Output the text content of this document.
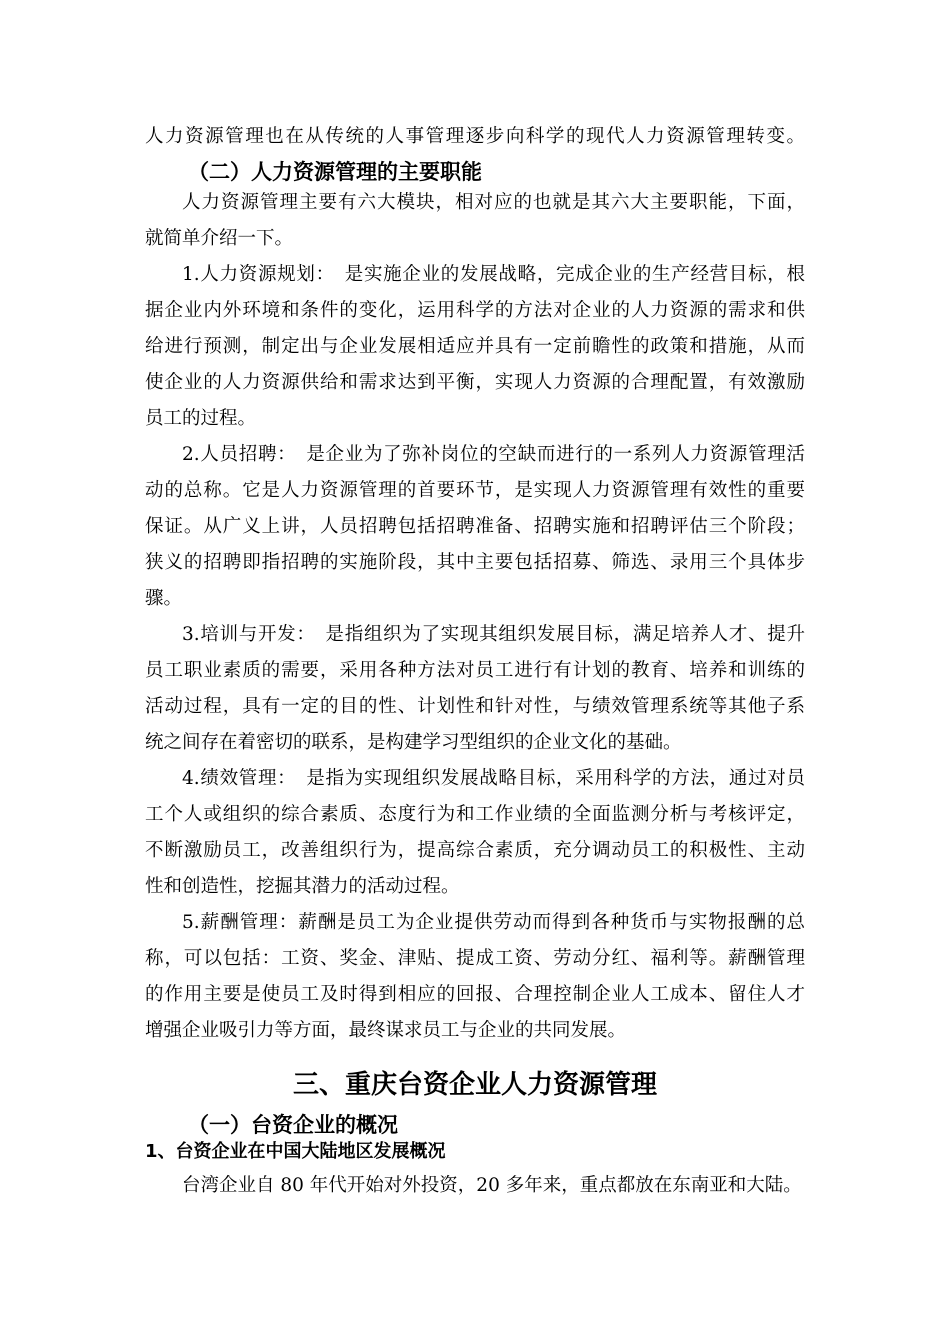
人力资源管理也在从传统的人事管理逐步向科学的现代人力资源管理转变。
（二）人力资源管理的主要职能
人力资源管理主要有六大模块，相对应的也就是其六大主要职能，下面，
就简单介绍一下。
1.人力资源规划：　是实施企业的发展战略，完成企业的生产经营目标，根
据企业内外环境和条件的变化，运用科学的方法对企业的人力资源的需求和供
给进行预测，制定出与企业发展相适应并具有一定前瞻性的政策和措施，从而
使企业的人力资源供给和需求达到平衡，实现人力资源的合理配置，有效激励
员工的过程。
2.人员招聘：　是企业为了弥补岗位的空缺而进行的一系列人力资源管理活
动的总称。它是人力资源管理的首要环节，是实现人力资源管理有效性的重要
保证。从广义上讲，人员招聘包括招聘准备、招聘实施和招聘评估三个阶段；
狭义的招聘即指招聘的实施阶段，其中主要包括招募、筛选、录用三个具体步
骤。
3.培训与开发：　是指组织为了实现其组织发展目标，满足培养人才、提升
员工职业素质的需要，采用各种方法对员工进行有计划的教育、培养和训练的
活动过程，具有一定的目的性、计划性和针对性，与绩效管理系统等其他子系
统之间存在着密切的联系，是构建学习型组织的企业文化的基础。
4.绩效管理：　是指为实现组织发展战略目标，采用科学的方法，通过对员
工个人或组织的综合素质、态度行为和工作业绩的全面监测分析与考核评定，
不断激励员工，改善组织行为，提高综合素质，充分调动员工的积极性、主动
性和创造性，挖掘其潜力的活动过程。
5.薪酬管理：薪酬是员工为企业提供劳动而得到各种货币与实物报酬的总
称，可以包括：工资、奖金、津贴、提成工资、劳动分红、福利等。薪酬管理
的作用主要是使员工及时得到相应的回报、合理控制企业人工成本、留住人才
增强企业吸引力等方面，最终谋求员工与企业的共同发展。
三、重庆台资企业人力资源管理
（一）台资企业的概况
1、台资企业在中国大陆地区发展概况
台湾企业自 80 年代开始对外投资，20 多年来，重点都放在东南亚和大陆。
